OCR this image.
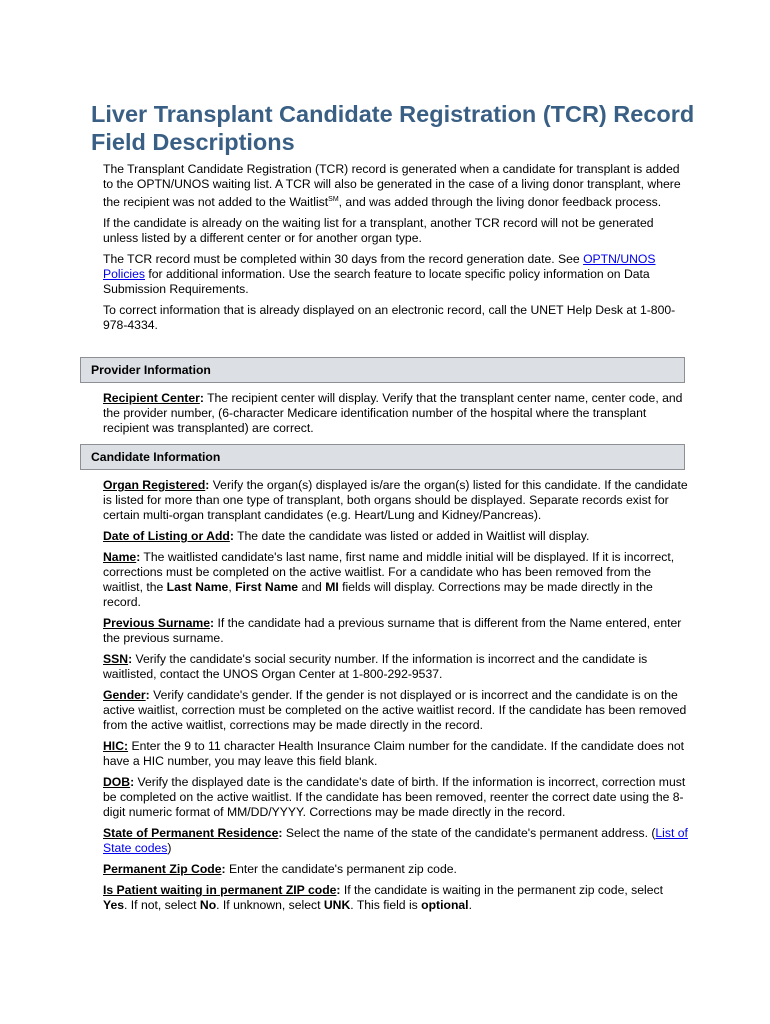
Liver Transplant Candidate Registration (TCR) Record Field Descriptions

The Transplant Candidate Registration (TCR) record is generated when a candidate for transplant is added to the OPTN/UNOS waiting list. A TCR will also be generated in the case of a living donor transplant, where the recipient was not added to the Waitlist℠, and was added through the living donor feedback process.

If the candidate is already on the waiting list for a transplant, another TCR record will not be generated unless listed by a different center or for another organ type.

The TCR record must be completed within 30 days from the record generation date. See OPTN/UNOS Policies for additional information. Use the search feature to locate specific policy information on Data Submission Requirements.

To correct information that is already displayed on an electronic record, call the UNET Help Desk at 1-800-978-4334.

Provider Information

Recipient Center: The recipient center will display. Verify that the transplant center name, center code, and the provider number, (6-character Medicare identification number of the hospital where the transplant recipient was transplanted) are correct.

Candidate Information

Organ Registered: Verify the organ(s) displayed is/are the organ(s) listed for this candidate. If the candidate is listed for more than one type of transplant, both organs should be displayed. Separate records exist for certain multi-organ transplant candidates (e.g. Heart/Lung and Kidney/Pancreas).

Date of Listing or Add: The date the candidate was listed or added in Waitlist will display.

Name: The waitlisted candidate's last name, first name and middle initial will be displayed. If it is incorrect, corrections must be completed on the active waitlist. For a candidate who has been removed from the waitlist, the Last Name, First Name and MI fields will display. Corrections may be made directly in the record.

Previous Surname: If the candidate had a previous surname that is different from the Name entered, enter the previous surname.

SSN: Verify the candidate's social security number. If the information is incorrect and the candidate is waitlisted, contact the UNOS Organ Center at 1-800-292-9537.

Gender: Verify candidate's gender. If the gender is not displayed or is incorrect and the candidate is on the active waitlist, correction must be completed on the active waitlist record. If the candidate has been removed from the active waitlist, corrections may be made directly in the record.

HIC: Enter the 9 to 11 character Health Insurance Claim number for the candidate. If the candidate does not have a HIC number, you may leave this field blank.

DOB: Verify the displayed date is the candidate's date of birth. If the information is incorrect, correction must be completed on the active waitlist. If the candidate has been removed, reenter the correct date using the 8-digit numeric format of MM/DD/YYYY. Corrections may be made directly in the record.

State of Permanent Residence: Select the name of the state of the candidate's permanent address. (List of State codes)

Permanent Zip Code: Enter the candidate's permanent zip code.

Is Patient waiting in permanent ZIP code: If the candidate is waiting in the permanent zip code, select Yes. If not, select No. If unknown, select UNK. This field is optional.
